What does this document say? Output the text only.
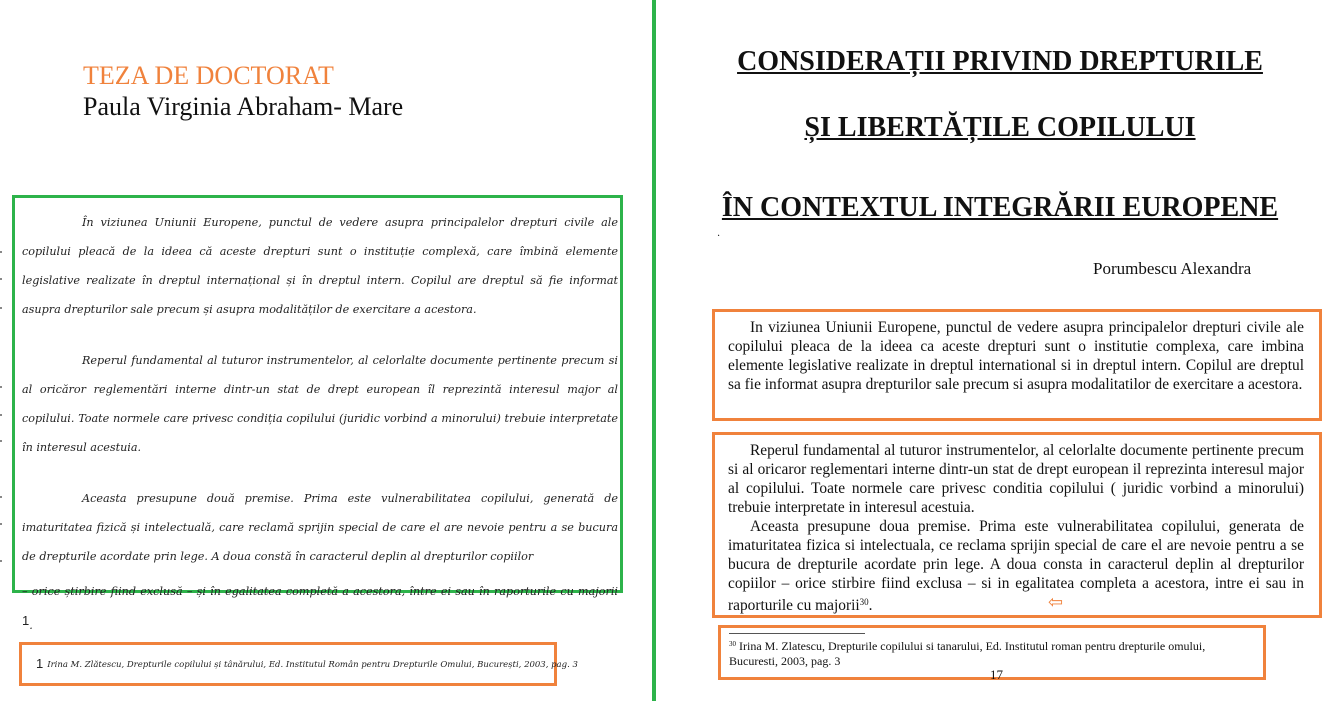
TEZA DE DOCTORAT
Paula Virginia Abraham- Mare

În viziunea Uniunii Europene, punctul de vedere asupra principalelor drepturi civile ale copilului pleacă de la ideea că aceste drepturi sunt o instituție complexă, care îmbină elemente legislative realizate în dreptul internațional și în dreptul intern. Copilul are dreptul să fie informat asupra drepturilor sale precum și asupra modalităților de exercitare a acestora.

Reperul fundamental al tuturor instrumentelor, al celorlalte documente pertinente precum si al oricăror reglementări interne dintr-un stat de drept european îl reprezintă interesul major al copilului. Toate normele care privesc condiția copilului (juridic vorbind a minorului) trebuie interpretate în interesul acestuia.

Aceasta presupune două premise. Prima este vulnerabilitatea copilului, generată de imaturitatea fizică și intelectuală, care reclamă sprijin special de care el are nevoie pentru a se bucura de drepturile acordate prin lege. A doua constă în caracterul deplin al drepturilor copiilor

– orice știrbire fiind exclusă – și în egalitatea completă a acestora, între ei sau în raporturile cu majorii $^1$.

1 Irina M. Zlătescu, Drepturile copilului și tânărului, Ed. Institutul Român pentru Drepturile Omului, București, 2003, pag. 3
CONSIDERAȚII PRIVIND DREPTURILE
ȘI LIBERTĂȚILE COPILULUI
ÎN CONTEXTUL INTEGRĂRII EUROPENE
.
Porumbescu Alexandra

In viziunea Uniunii Europene, punctul de vedere asupra principalelor drepturi civile ale copilului pleaca de la ideea ca aceste drepturi sunt o institutie complexa, care imbina elemente legislative realizate in dreptul international si in dreptul intern. Copilul are dreptul sa fie informat asupra drepturilor sale precum si asupra modalitatilor de exercitare a acestora.

Reperul fundamental al tuturor instrumentelor, al celorlalte documente pertinente precum si al oricaror reglementari interne dintr-un stat de drept european il reprezinta interesul major al copilului. Toate normele care privesc conditia copilului ( juridic vorbind a minorului) trebuie interpretate in interesul acestuia.

Aceasta presupune doua premise. Prima este vulnerabilitatea copilului, generata de imaturitatea fizica si intelectuala, ce reclama sprijin special de care el are nevoie pentru a se bucura de drepturile acordate prin lege. A doua consta in caracterul deplin al drepturilor copiilor – orice stirbire fiind exclusa – si in egalitatea completa a acestora, intre ei sau in raporturile cu majorii$^{30}$.	⇦
$^{30}$ Irina M. Zlatescu, Drepturile copilului si tanarului, Ed. Institutul roman pentru drepturile omului, Bucuresti, 2003, pag. 3
17
